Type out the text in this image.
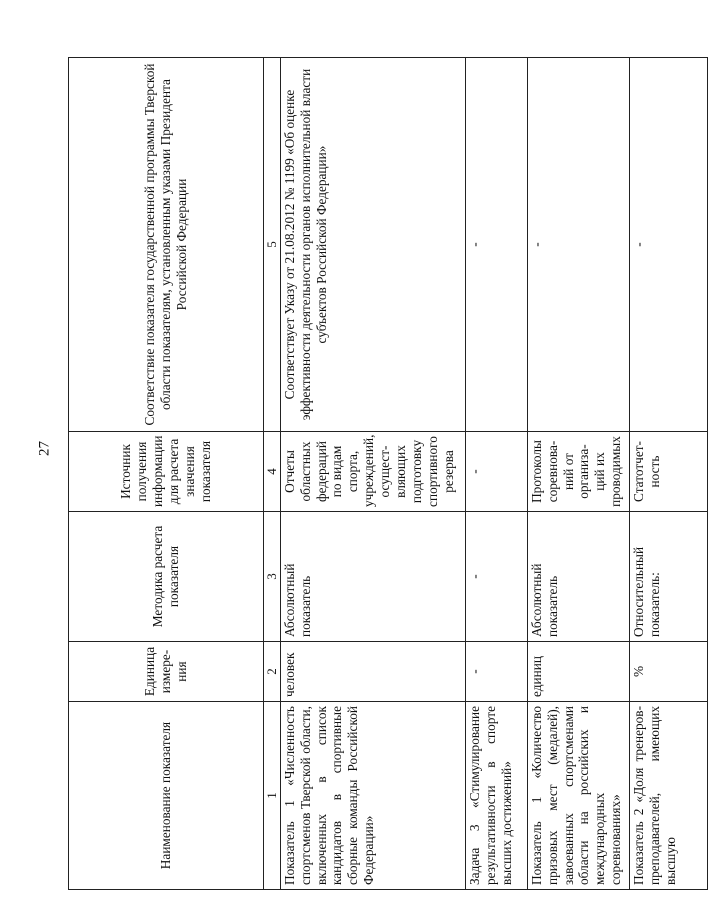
27
Наименование показателя	Единица измере-ния	Методика расчета показателя	Источник получения информации для расчета значения показателя	Соответствие показателя государственной программы Тверской области показателям, установленным указами Президента Российской Федерации
1	2	3	4	5
Показатель 1 «Численность спортсменов Тверской области, включенных в список кандидатов в спортивные сборные команды Российской Федерации»	человек	Абсолютный показатель	Отчеты областных федераций по видам спорта, учреждений, осущест-вляющих подготовку спортивного резерва	Соответствует Указу от 21.08.2012 № 1199 «Об оценке эффективности деятельности органов исполнительной власти субъектов Российской Федерации»
Задача 3 «Стимулирование результативности в спорте высших достижений»	-	-	-	-
Показатель 1 «Количество призовых мест (медалей), завоеванных спортсменами области на российских и международных соревнованиях»	единиц	Абсолютный показатель	Протоколы соревнова-ний от организа-ций их проводимых	-
Показатель 2 «Доля тренеров-преподавателей, имеющих высшую	%	Относительный показатель:	Статотчет-ность	-
